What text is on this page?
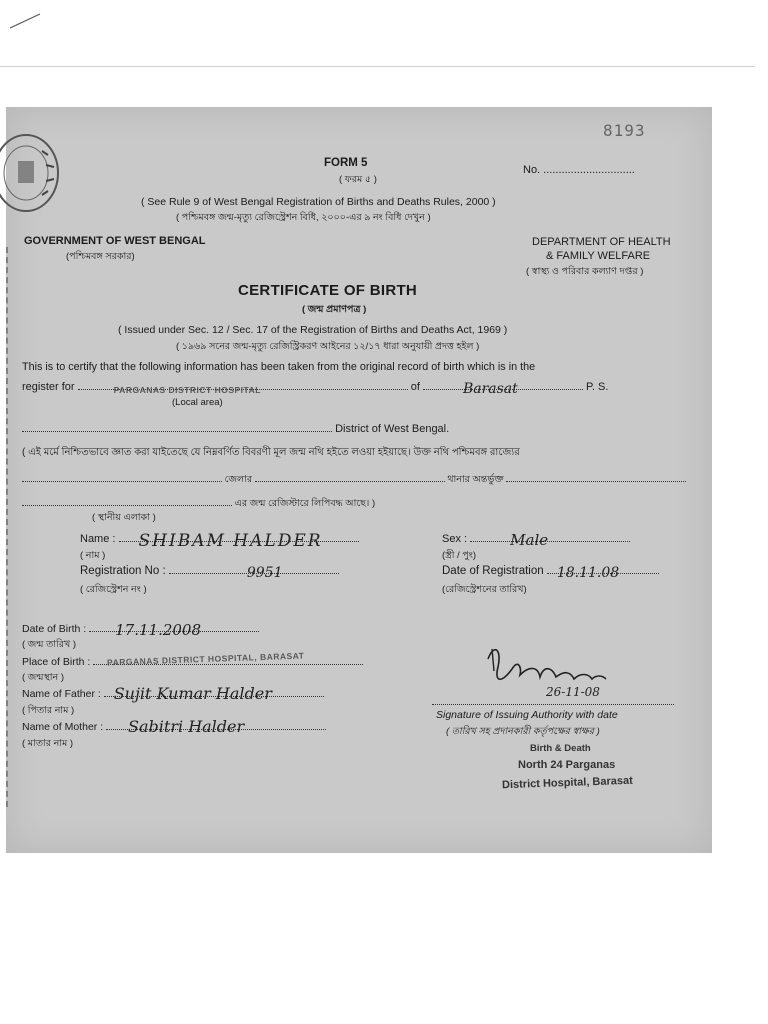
8193
FORM 5
( ফরম ৫ )
No. ..............................
( See Rule 9 of West Bengal Registration of Births and Deaths Rules, 2000 )
( পশ্চিমবঙ্গ জন্ম-মৃত্যু রেজিস্ট্রেশন বিধি, ২০০০-এর ৯ নং বিধি দেখুন )
GOVERNMENT OF WEST BENGAL
(পশ্চিমবঙ্গ সরকার)
DEPARTMENT OF HEALTH
& FAMILY WELFARE
( স্বাস্থ্য ও পরিবার কল্যাণ দপ্তর )
CERTIFICATE OF BIRTH
( জন্ম প্রমাণপত্র )
( Issued under Sec. 12 / Sec. 17 of the Registration of Births and Deaths Act, 1969 )
( ১৯৬৯ সনের জন্ম-মৃত্যু রেজিস্ট্রিকরণ আইনের ১২/১৭ ধারা অনুযায়ী প্রদত্ত হইল )
This is to certify that the following information has been taken from the original record of birth which is in the
register for	PARGANAS DISTRICT HOSPITAL	of	Barasat	P. S.
(Local area)
District of West Bengal.
( এই মর্মে নিশ্চিতভাবে জ্ঞাত করা যাইতেছে যে নিম্নবর্ণিত বিবরণী মূল জন্ম নথি হইতে লওয়া হইয়াছে। উক্ত নথি পশ্চিমবঙ্গ রাজ্যের
জেলার	থানার অন্তর্ভুক্ত
এর জন্ম রেজিস্টারে লিপিবদ্ধ আছে। )
( স্থানীয় এলাকা )
Name : SHIBAM HALDER
( নাম )
Sex :	Male
(স্ত্রী / পুং)
Registration No :	9951
( রেজিস্ট্রেশন নং )
Date of Registration 18.11.08
(রেজিস্ট্রেশনের তারিখ)
Date of Birth : 17.11.2008
( জন্ম তারিখ )
Place of Birth : PARGANAS DISTRICT HOSPITAL, BARASAT
( জন্মস্থান )
Name of Father : Sujit Kumar Halder
( পিতার নাম )
Name of Mother : Sabitri Halder
( মাতার নাম )
26-11-08
Signature of Issuing Authority with date
( তারিখ সহ প্রদানকারী কর্তৃপক্ষের স্বাক্ষর )
Birth & Death
North 24 Parganas
District Hospital, Barasat
